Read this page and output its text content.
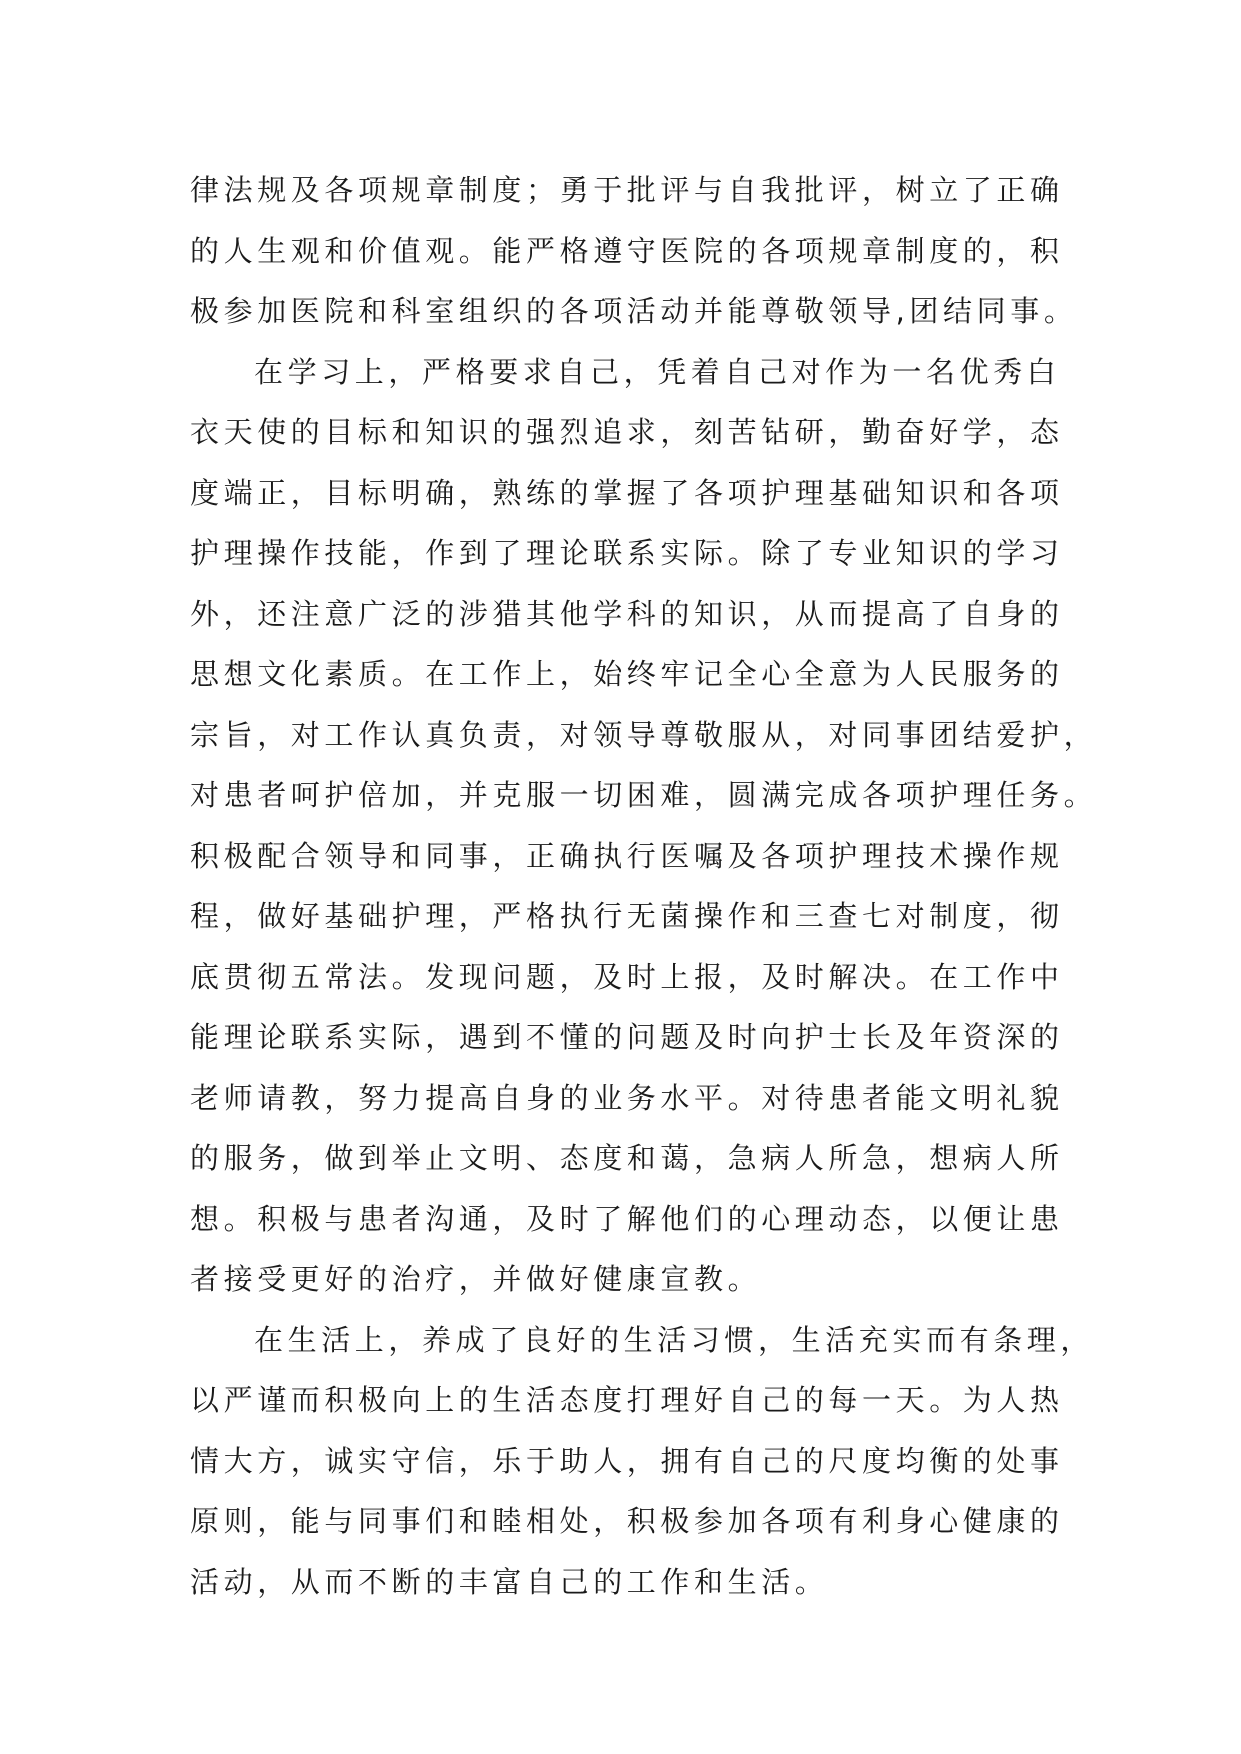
律法规及各项规章制度；勇于批评与自我批评，树立了正确
的人生观和价值观。能严格遵守医院的各项规章制度的，积
极参加医院和科室组织的各项活动并能尊敬领导,团结同事。
在学习上，严格要求自己，凭着自己对作为一名优秀白
衣天使的目标和知识的强烈追求，刻苦钻研，勤奋好学，态
度端正，目标明确，熟练的掌握了各项护理基础知识和各项
护理操作技能，作到了理论联系实际。除了专业知识的学习
外，还注意广泛的涉猎其他学科的知识，从而提高了自身的
思想文化素质。在工作上，始终牢记全心全意为人民服务的
宗旨，对工作认真负责，对领导尊敬服从，对同事团结爱护，
对患者呵护倍加，并克服一切困难，圆满完成各项护理任务。
积极配合领导和同事，正确执行医嘱及各项护理技术操作规
程，做好基础护理，严格执行无菌操作和三查七对制度，彻
底贯彻五常法。发现问题，及时上报，及时解决。在工作中
能理论联系实际，遇到不懂的问题及时向护士长及年资深的
老师请教，努力提高自身的业务水平。对待患者能文明礼貌
的服务，做到举止文明、态度和蔼，急病人所急，想病人所
想。积极与患者沟通，及时了解他们的心理动态，以便让患
者接受更好的治疗，并做好健康宣教。
在生活上，养成了良好的生活习惯，生活充实而有条理，
以严谨而积极向上的生活态度打理好自己的每一天。为人热
情大方，诚实守信，乐于助人，拥有自己的尺度均衡的处事
原则，能与同事们和睦相处，积极参加各项有利身心健康的
活动，从而不断的丰富自己的工作和生活。
